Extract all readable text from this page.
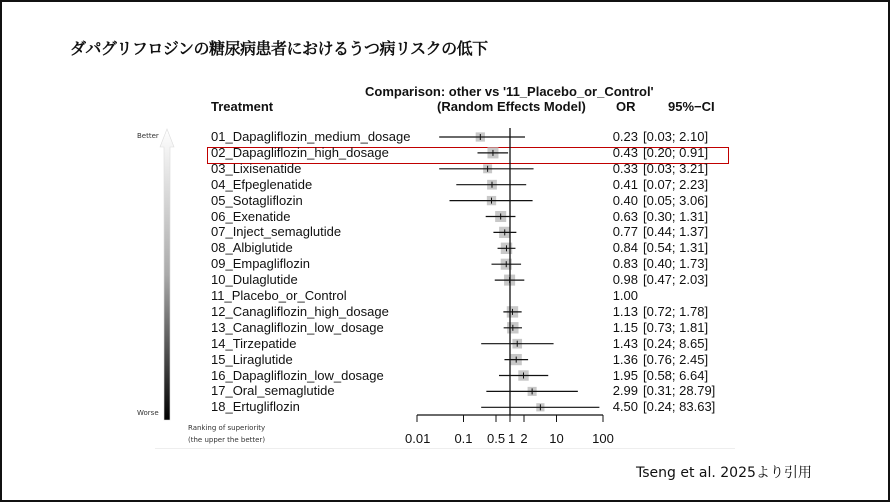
ダパグリフロジンの糖尿病患者におけるうつ病リスクの低下
Comparison: other vs '11_Placebo_or_Control'
Treatment	(Random Effects Model) OR	95%−CI
Better
Worse
Ranking of superiority
(the upper the better)
01_Dapagliflozin_medium_dosage	0.23 [0.03; 2.10]
02_Dapagliflozin_high_dosage	0.43 [0.20; 0.91]
03_Lixisenatide	0.33 [0.03; 3.21]
04_Efpeglenatide	0.41 [0.07; 2.23]
05_Sotagliflozin	0.40 [0.05; 3.06]
06_Exenatide	0.63 [0.30; 1.31]
07_Inject_semaglutide	0.77 [0.44; 1.37]
08_Albiglutide	0.84 [0.54; 1.31]
09_Empagliflozin	0.83 [0.40; 1.73]
10_Dulaglutide	0.98 [0.47; 2.03]
11_Placebo_or_Control	1.00
12_Canagliflozin_high_dosage	1.13 [0.72; 1.78]
13_Canagliflozin_low_dosage	1.15 [0.73; 1.81]
14_Tirzepatide	1.43 [0.24; 8.65]
15_Liraglutide	1.36 [0.76; 2.45]
16_Dapagliflozin_low_dosage	1.95 [0.58; 6.64]
17_Oral_semaglutide	2.99 [0.31; 28.79]
18_Ertugliflozin	4.50 [0.24; 83.63]
0.01 0.1 0.5 1 2	10	100
Tseng et al. 2025より引用
